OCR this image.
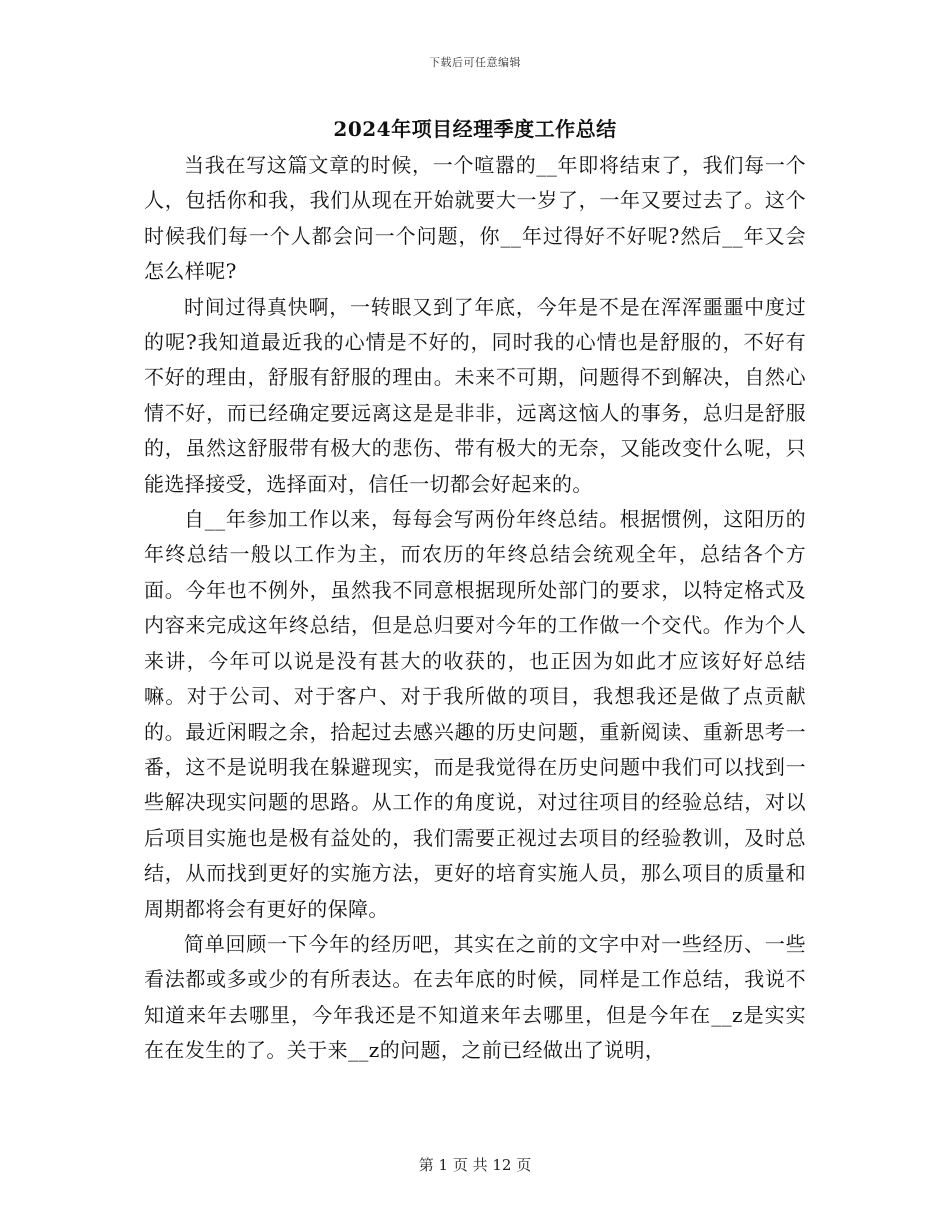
下载后可任意编辑
2024年项目经理季度工作总结

当我在写这篇文章的时候，一个喧嚣的__年即将结束了，我们每一个人，包括你和我，我们从现在开始就要大一岁了，一年又要过去了。这个时候我们每一个人都会问一个问题，你__年过得好不好呢?然后__年又会怎么样呢?

时间过得真快啊，一转眼又到了年底，今年是不是在浑浑噩噩中度过的呢?我知道最近我的心情是不好的，同时我的心情也是舒服的，不好有不好的理由，舒服有舒服的理由。未来不可期，问题得不到解决，自然心情不好，而已经确定要远离这是是非非，远离这恼人的事务，总归是舒服的，虽然这舒服带有极大的悲伤、带有极大的无奈，又能改变什么呢，只能选择接受，选择面对，信任一切都会好起来的。

自__年参加工作以来，每每会写两份年终总结。根据惯例，这阳历的年终总结一般以工作为主，而农历的年终总结会统观全年，总结各个方面。今年也不例外，虽然我不同意根据现所处部门的要求，以特定格式及内容来完成这年终总结，但是总归要对今年的工作做一个交代。作为个人来讲，今年可以说是没有甚大的收获的，也正因为如此才应该好好总结嘛。对于公司、对于客户、对于我所做的项目，我想我还是做了点贡献的。最近闲暇之余，拾起过去感兴趣的历史问题，重新阅读、重新思考一番，这不是说明我在躲避现实，而是我觉得在历史问题中我们可以找到一些解决现实问题的思路。从工作的角度说，对过往项目的经验总结，对以后项目实施也是极有益处的，我们需要正视过去项目的经验教训，及时总结，从而找到更好的实施方法，更好的培育实施人员，那么项目的质量和周期都将会有更好的保障。

简单回顾一下今年的经历吧，其实在之前的文字中对一些经历、一些看法都或多或少的有所表达。在去年底的时候，同样是工作总结，我说不知道来年去哪里，今年我还是不知道来年去哪里，但是今年在__z是实实在在发生的了。关于来__z的问题，之前已经做出了说明，

第 1 页 共 12 页
